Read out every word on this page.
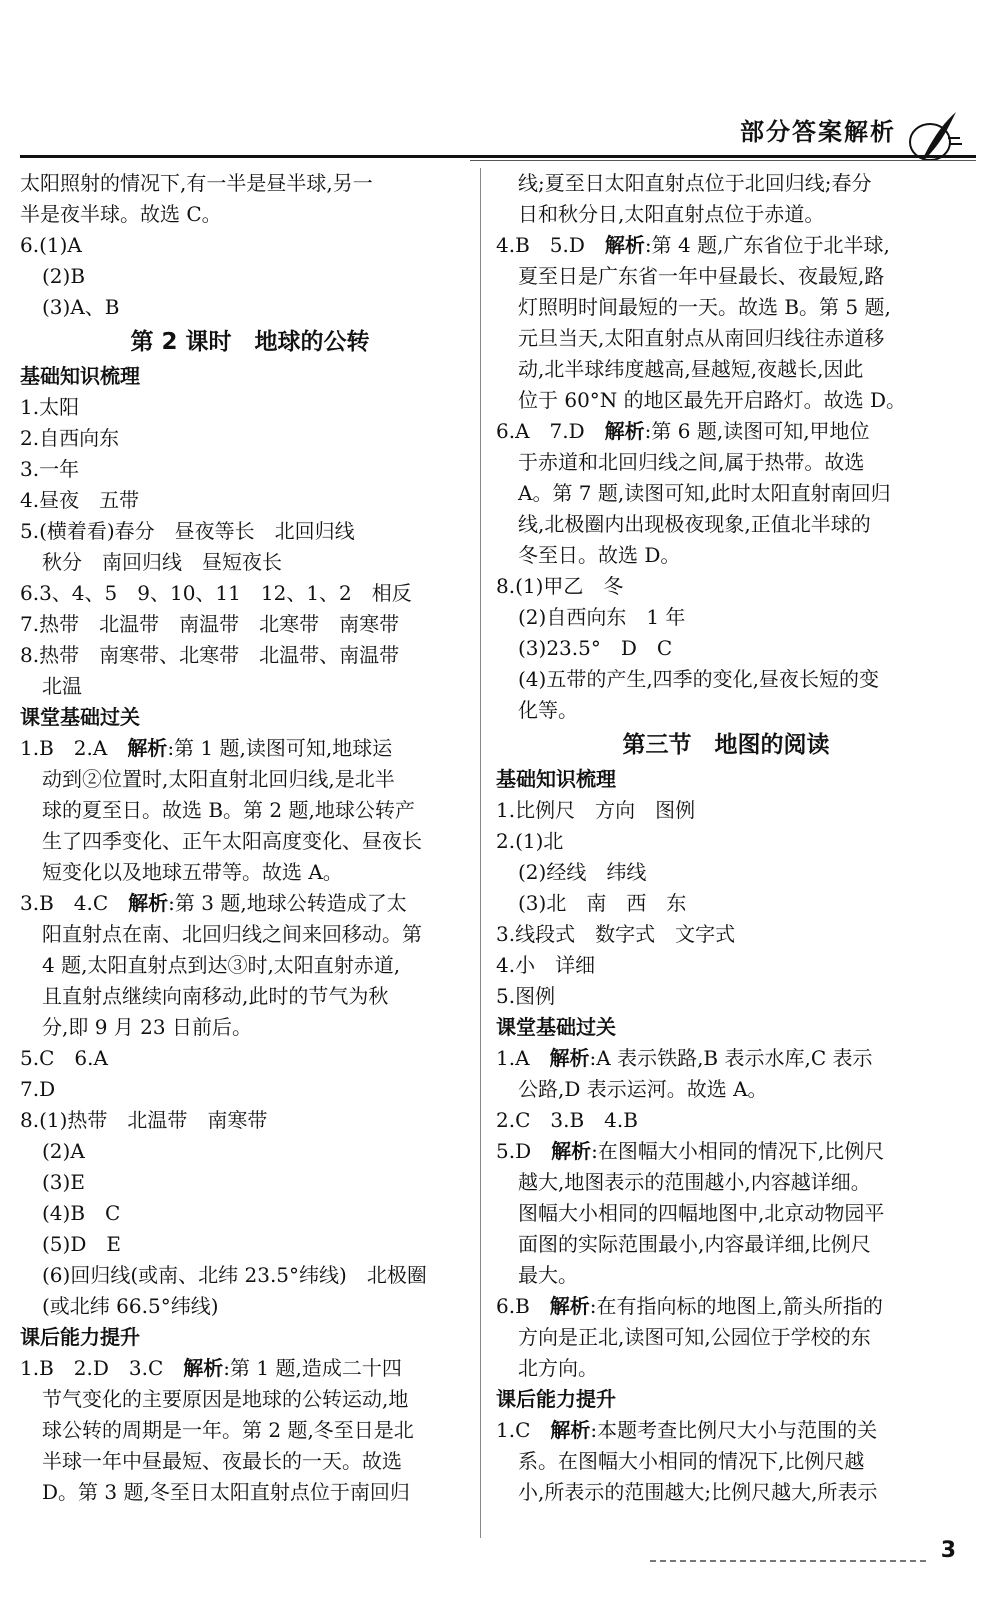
部分答案解析
太阳照射的情况下,有一半是昼半球,另一
半是夜半球。故选 C。
6.(1)A
(2)B
(3)A、B
第 2 课时　地球的公转
基础知识梳理
1.太阳
2.自西向东
3.一年
4.昼夜　五带
5.(横着看)春分　昼夜等长　北回归线
秋分　南回归线　昼短夜长
6.3、4、5　9、10、11　12、1、2　相反
7.热带　北温带　南温带　北寒带　南寒带
8.热带　南寒带、北寒带　北温带、南温带
北温
课堂基础过关
1.B　2.A　解析:第 1 题,读图可知,地球运
动到②位置时,太阳直射北回归线,是北半
球的夏至日。故选 B。第 2 题,地球公转产
生了四季变化、正午太阳高度变化、昼夜长
短变化以及地球五带等。故选 A。
3.B　4.C　解析:第 3 题,地球公转造成了太
阳直射点在南、北回归线之间来回移动。第
4 题,太阳直射点到达③时,太阳直射赤道,
且直射点继续向南移动,此时的节气为秋
分,即 9 月 23 日前后。
5.C　6.A
7.D
8.(1)热带　北温带　南寒带
(2)A
(3)E
(4)B　C
(5)D　E
(6)回归线(或南、北纬 23.5°纬线)　北极圈
(或北纬 66.5°纬线)
课后能力提升
1.B　2.D　3.C　解析:第 1 题,造成二十四
节气变化的主要原因是地球的公转运动,地
球公转的周期是一年。第 2 题,冬至日是北
半球一年中昼最短、夜最长的一天。故选
D。第 3 题,冬至日太阳直射点位于南回归
线;夏至日太阳直射点位于北回归线;春分
日和秋分日,太阳直射点位于赤道。
4.B　5.D　解析:第 4 题,广东省位于北半球,
夏至日是广东省一年中昼最长、夜最短,路
灯照明时间最短的一天。故选 B。第 5 题,
元旦当天,太阳直射点从南回归线往赤道移
动,北半球纬度越高,昼越短,夜越长,因此
位于 60°N 的地区最先开启路灯。故选 D。
6.A　7.D　解析:第 6 题,读图可知,甲地位
于赤道和北回归线之间,属于热带。故选
A。第 7 题,读图可知,此时太阳直射南回归
线,北极圈内出现极夜现象,正值北半球的
冬至日。故选 D。
8.(1)甲乙　冬
(2)自西向东　1 年
(3)23.5°　D　C
(4)五带的产生,四季的变化,昼夜长短的变
化等。
第三节　地图的阅读
基础知识梳理
1.比例尺　方向　图例
2.(1)北
(2)经线　纬线
(3)北　南　西　东
3.线段式　数字式　文字式
4.小　详细
5.图例
课堂基础过关
1.A　解析:A 表示铁路,B 表示水库,C 表示
公路,D 表示运河。故选 A。
2.C　3.B　4.B
5.D　解析:在图幅大小相同的情况下,比例尺
越大,地图表示的范围越小,内容越详细。
图幅大小相同的四幅地图中,北京动物园平
面图的实际范围最小,内容最详细,比例尺
最大。
6.B　解析:在有指向标的地图上,箭头所指的
方向是正北,读图可知,公园位于学校的东
北方向。
课后能力提升
1.C　解析:本题考查比例尺大小与范围的关
系。在图幅大小相同的情况下,比例尺越
小,所表示的范围越大;比例尺越大,所表示
3
